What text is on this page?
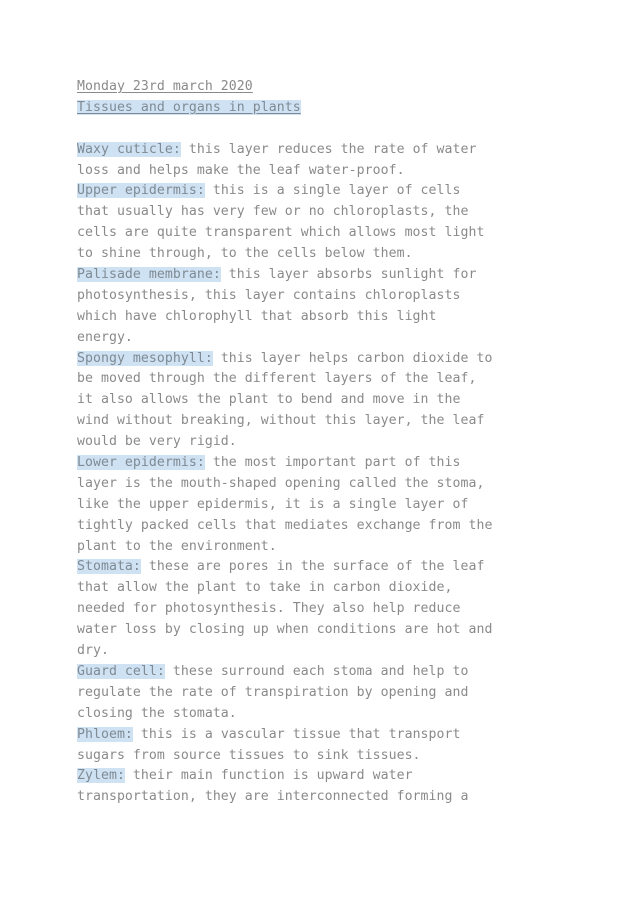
Monday 23rd march 2020
Tissues and organs in plants
Waxy cuticle: this layer reduces the rate of water
loss and helps make the leaf water-proof.
Upper epidermis: this is a single layer of cells
that usually has very few or no chloroplasts, the
cells are quite transparent which allows most light
to shine through, to the cells below them.
Palisade membrane: this layer absorbs sunlight for
photosynthesis, this layer contains chloroplasts
which have chlorophyll that absorb this light
energy.
Spongy mesophyll: this layer helps carbon dioxide to
be moved through the different layers of the leaf,
it also allows the plant to bend and move in the
wind without breaking, without this layer, the leaf
would be very rigid.
Lower epidermis: the most important part of this
layer is the mouth-shaped opening called the stoma,
like the upper epidermis, it is a single layer of
tightly packed cells that mediates exchange from the
plant to the environment.
Stomata: these are pores in the surface of the leaf
that allow the plant to take in carbon dioxide,
needed for photosynthesis. They also help reduce
water loss by closing up when conditions are hot and
dry.
Guard cell: these surround each stoma and help to
regulate the rate of transpiration by opening and
closing the stomata.
Phloem: this is a vascular tissue that transport
sugars from source tissues to sink tissues.
Zylem: their main function is upward water
transportation, they are interconnected forming a
